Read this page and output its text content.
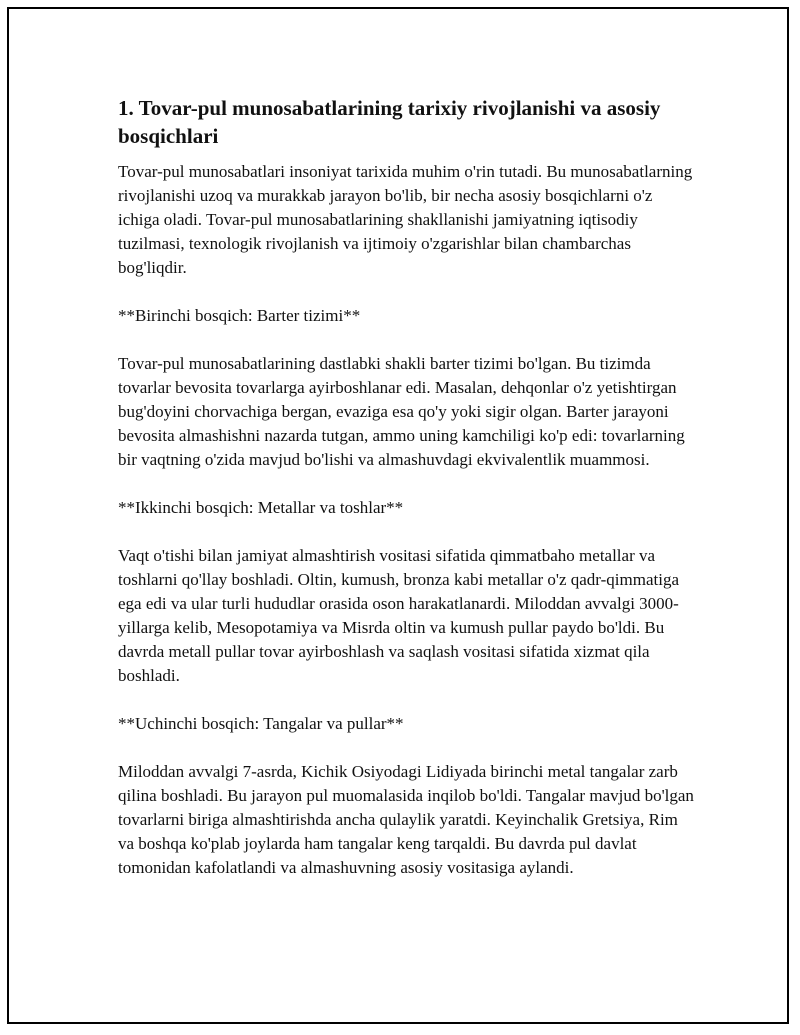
1. Tovar-pul munosabatlarining tarixiy rivojlanishi va asosiy bosqichlari

Tovar-pul munosabatlari insoniyat tarixida muhim o'rin tutadi. Bu munosabatlarning rivojlanishi uzoq va murakkab jarayon bo'lib, bir necha asosiy bosqichlarni o'z ichiga oladi. Tovar-pul munosabatlarining shakllanishi jamiyatning iqtisodiy tuzilmasi, texnologik rivojlanish va ijtimoiy o'zgarishlar bilan chambarchas bog'liqdir.

**Birinchi bosqich: Barter tizimi**

Tovar-pul munosabatlarining dastlabki shakli barter tizimi bo'lgan. Bu tizimda tovarlar bevosita tovarlarga ayirboshlanar edi. Masalan, dehqonlar o'z yetishtirgan bug'doyini chorvachiga bergan, evaziga esa qo'y yoki sigir olgan. Barter jarayoni bevosita almashishni nazarda tutgan, ammo uning kamchiligi ko'p edi: tovarlarning bir vaqtning o'zida mavjud bo'lishi va almashuvdagi ekvivalentlik muammosi.

**Ikkinchi bosqich: Metallar va toshlar**

Vaqt o'tishi bilan jamiyat almashtirish vositasi sifatida qimmatbaho metallar va toshlarni qo'llay boshladi. Oltin, kumush, bronza kabi metallar o'z qadr-qimmatiga ega edi va ular turli hududlar orasida oson harakatlanardi. Miloddan avvalgi 3000-yillarga kelib, Mesopotamiya va Misrda oltin va kumush pullar paydo bo'ldi. Bu davrda metall pullar tovar ayirboshlash va saqlash vositasi sifatida xizmat qila boshladi.

**Uchinchi bosqich: Tangalar va pullar**

Miloddan avvalgi 7-asrda, Kichik Osiyodagi Lidiyada birinchi metal tangalar zarb qilina boshladi. Bu jarayon pul muomalasida inqilob bo'ldi. Tangalar mavjud bo'lgan tovarlarni biriga almashtirishda ancha qulaylik yaratdi. Keyinchalik Gretsiya, Rim va boshqa ko'plab joylarda ham tangalar keng tarqaldi. Bu davrda pul davlat tomonidan kafolatlandi va almashuvning asosiy vositasiga aylandi.
